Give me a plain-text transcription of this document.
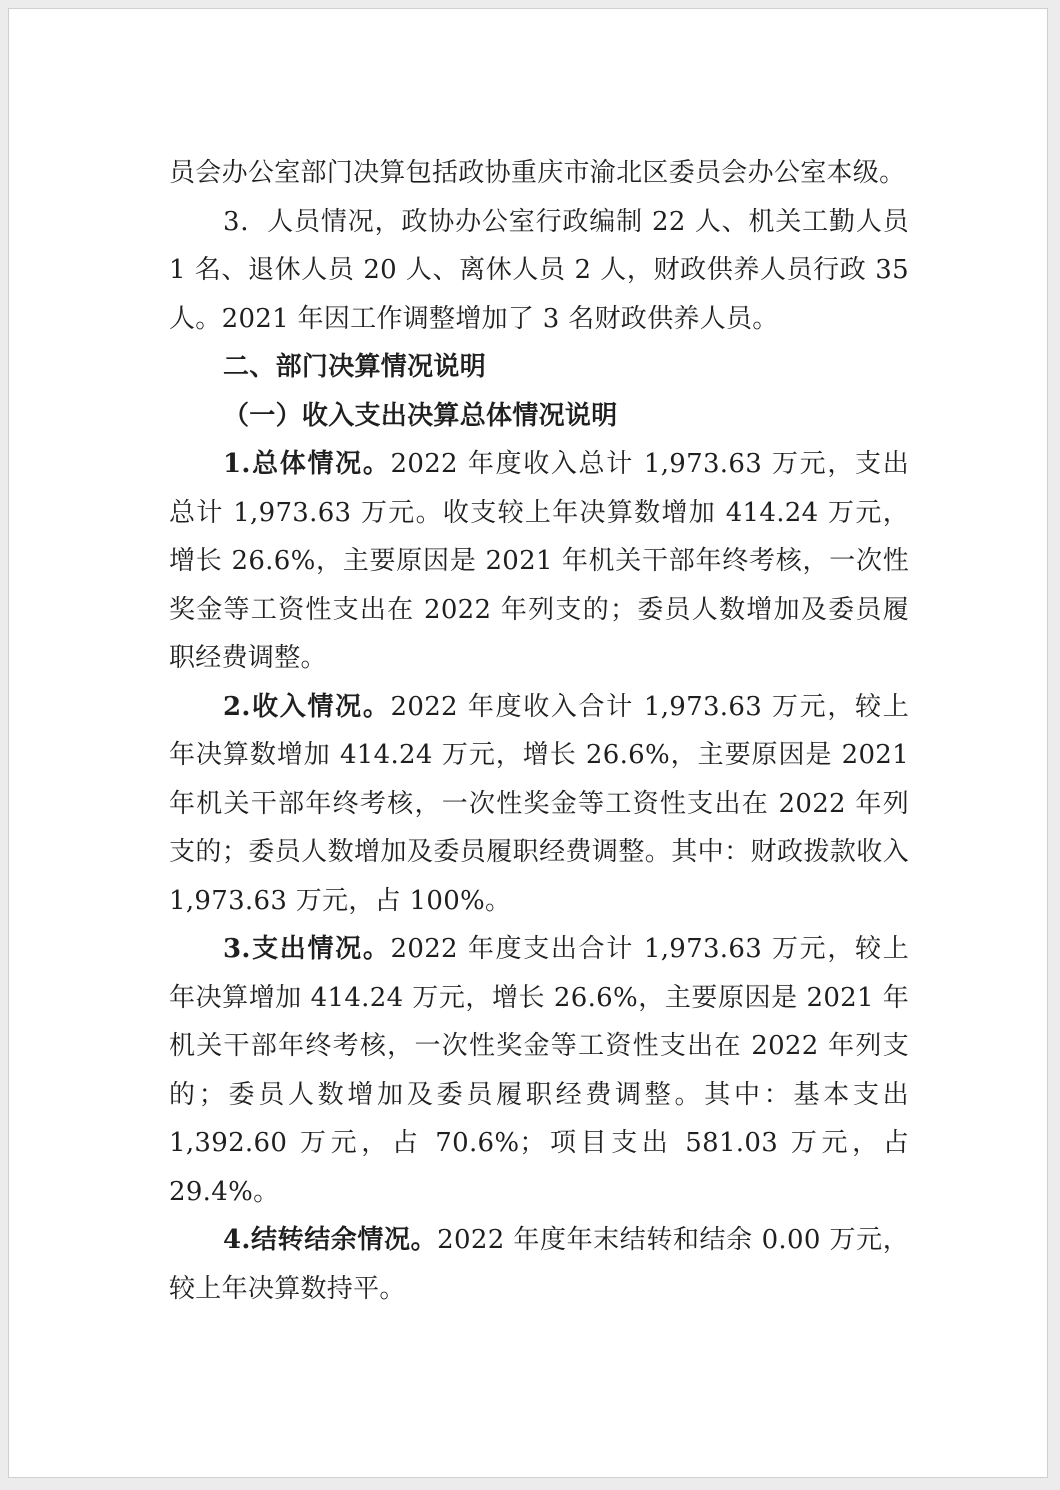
员会办公室部门决算包括政协重庆市渝北区委员会办公室本级。

3．人员情况，政协办公室行政编制 22 人、机关工勤人员 1 名、退休人员 20 人、离休人员 2 人，财政供养人员行政 35 人。2021 年因工作调整增加了 3 名财政供养人员。

二、部门决算情况说明

（一）收入支出决算总体情况说明

1.总体情况。2022 年度收入总计 1,973.63 万元，支出总计 1,973.63 万元。收支较上年决算数增加 414.24 万元，增长 26.6%，主要原因是 2021 年机关干部年终考核，一次性奖金等工资性支出在 2022 年列支的；委员人数增加及委员履职经费调整。

2.收入情况。2022 年度收入合计 1,973.63 万元，较上年决算数增加 414.24 万元，增长 26.6%，主要原因是 2021 年机关干部年终考核，一次性奖金等工资性支出在 2022 年列支的；委员人数增加及委员履职经费调整。其中：财政拨款收入 1,973.63 万元，占 100%。

3.支出情况。2022 年度支出合计 1,973.63 万元，较上年决算增加 414.24 万元，增长 26.6%，主要原因是 2021 年机关干部年终考核，一次性奖金等工资性支出在 2022 年列支的；委员人数增加及委员履职经费调整。其中：基本支出 1,392.60 万元，占 70.6%；项目支出 581.03 万元，占 29.4%。

4.结转结余情况。2022 年度年末结转和结余 0.00 万元，较上年决算数持平。
